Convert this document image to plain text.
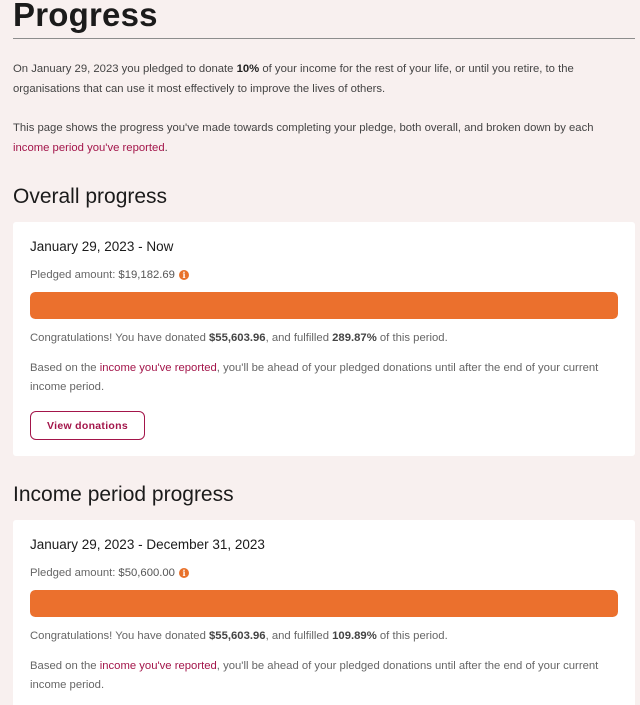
Progress

On January 29, 2023 you pledged to donate 10% of your income for the rest of your life, or until you retire, to the organisations that can use it most effectively to improve the lives of others.

This page shows the progress you've made towards completing your pledge, both overall, and broken down by each income period you've reported.

Overall progress
January 29, 2023 - Now
Pledged amount: $19,182.69 i
Congratulations! You have donated $55,603.96, and fulfilled 289.87% of this period.
Based on the income you've reported, you'll be ahead of your pledged donations until after the end of your current income period.
View donations
Income period progress
January 29, 2023 - December 31, 2023
Pledged amount: $50,600.00 i
Congratulations! You have donated $55,603.96, and fulfilled 109.89% of this period.
Based on the income you've reported, you'll be ahead of your pledged donations until after the end of your current income period.
